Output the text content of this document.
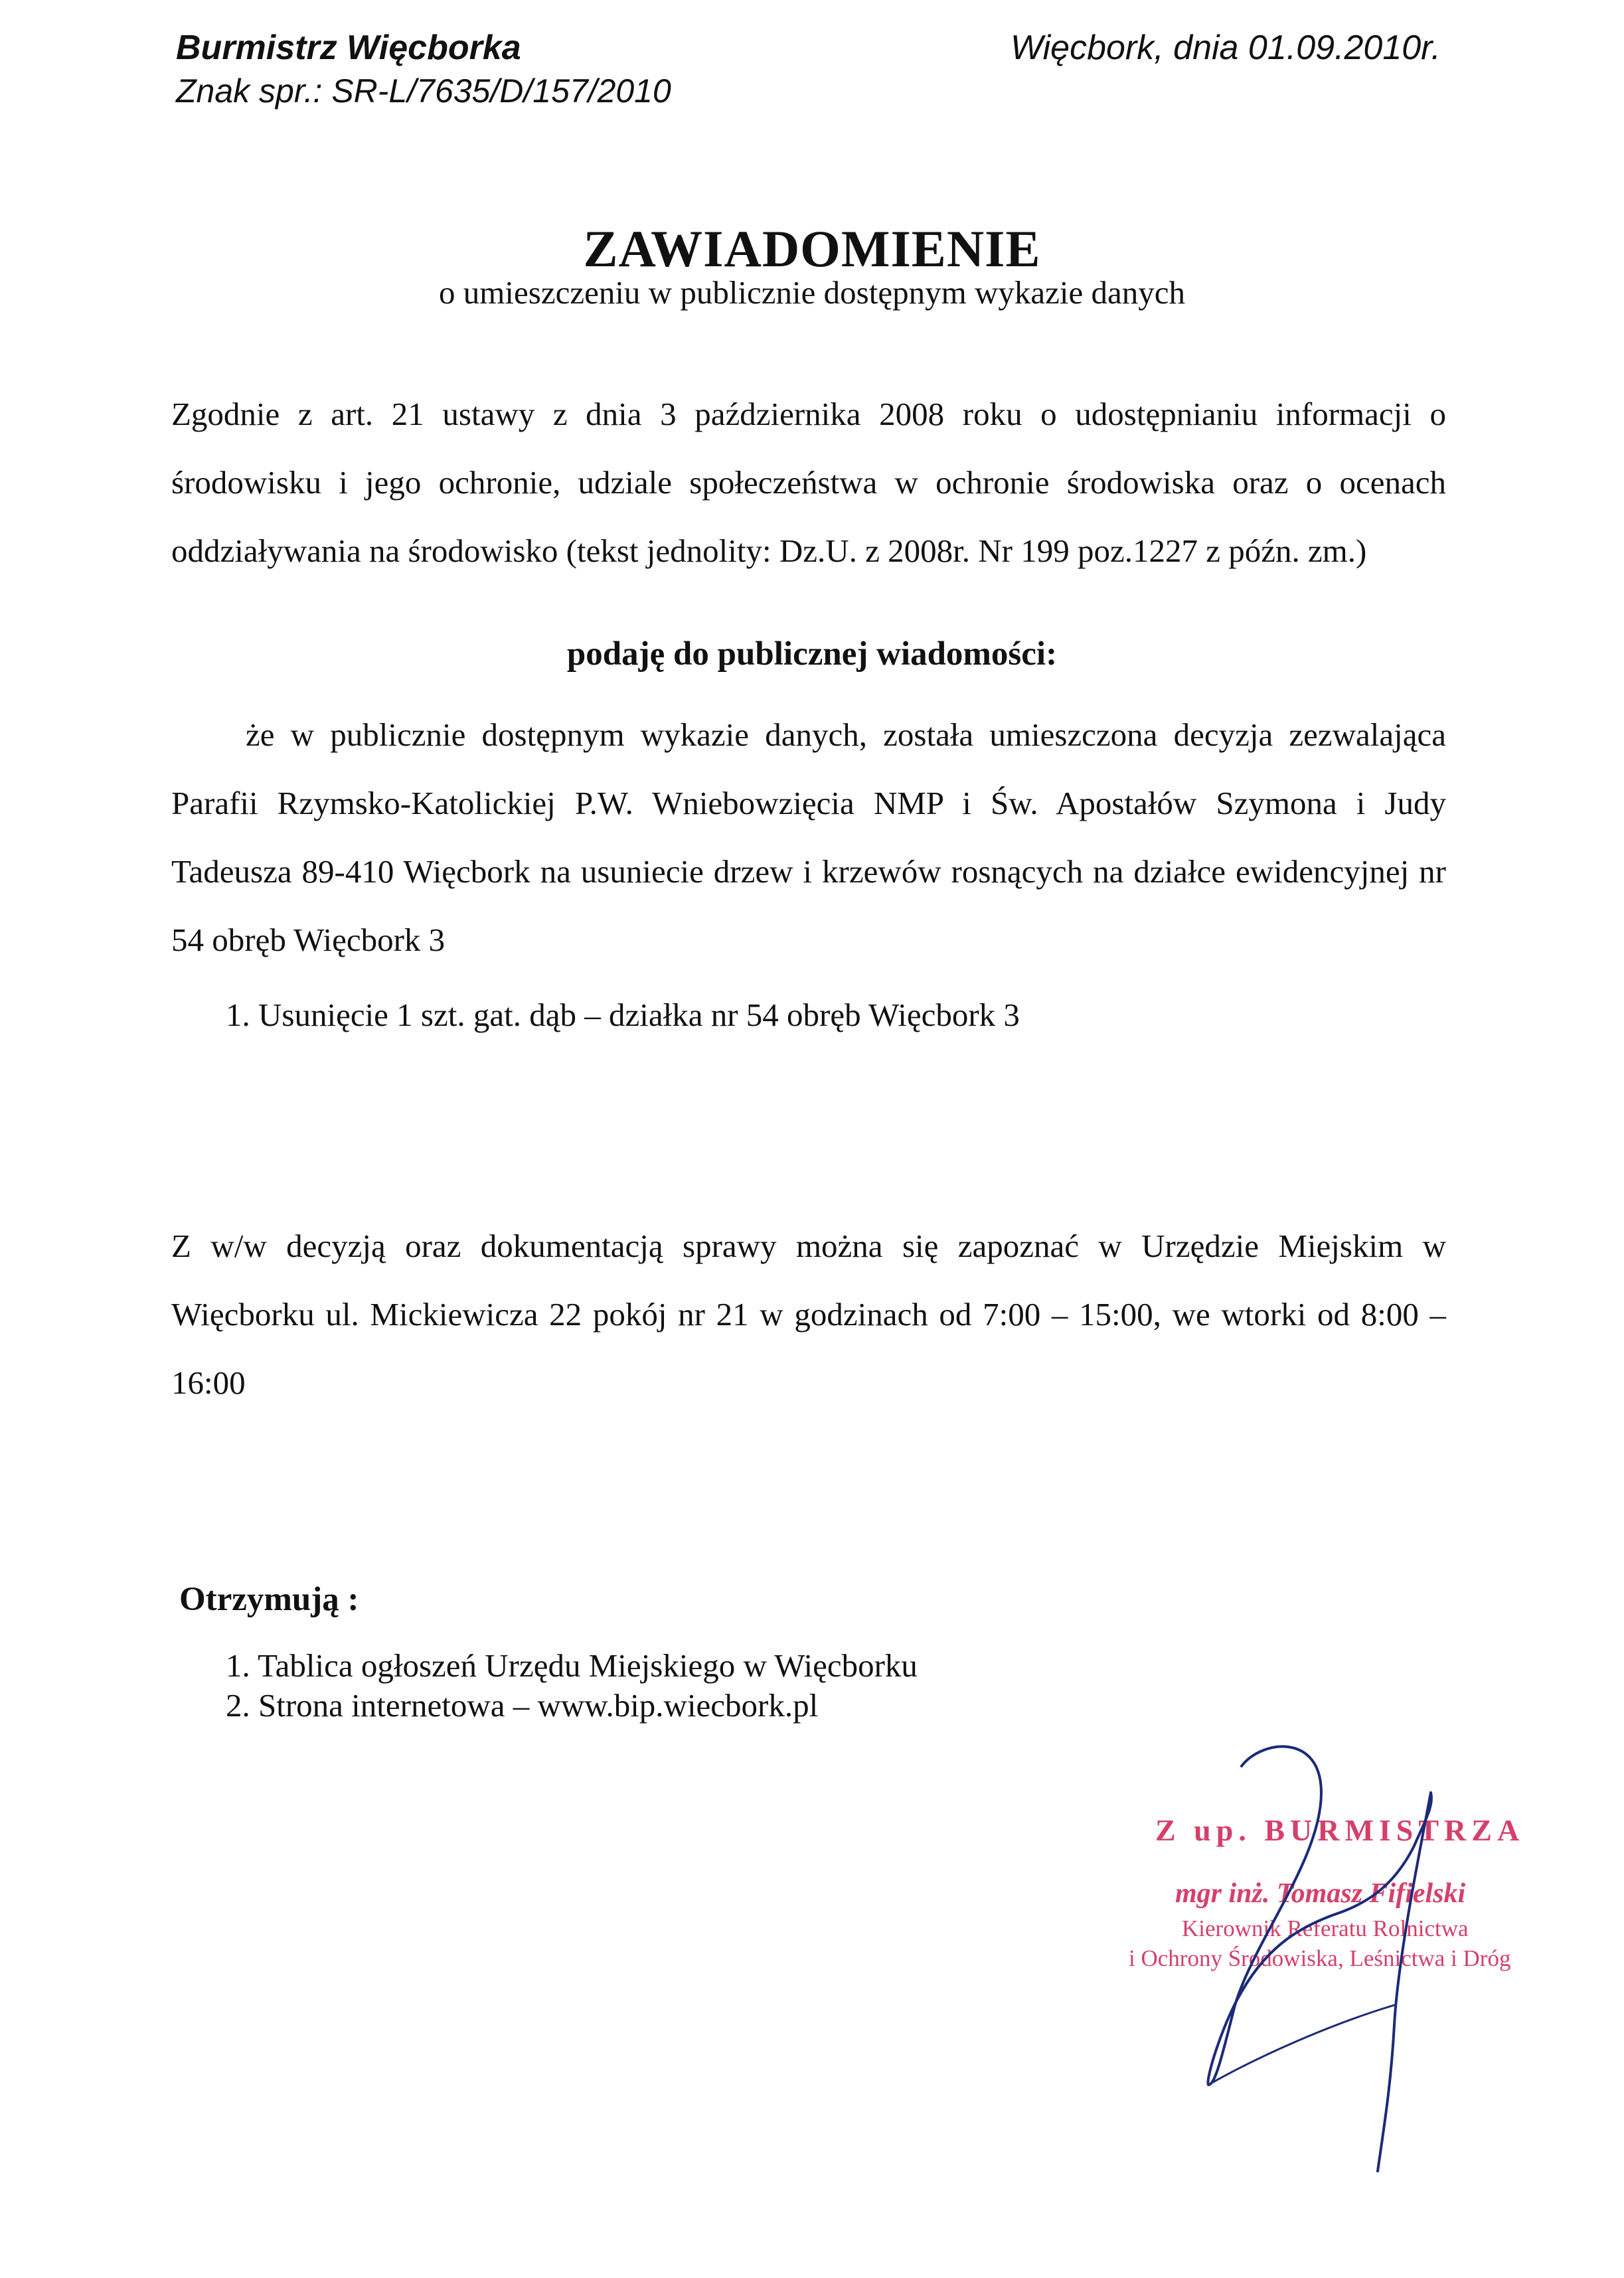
Burmistrz Więcborka
Znak spr.: SR-L/7635/D/157/2010
Więcbork, dnia 01.09.2010r.
ZAWIADOMIENIE
o umieszczeniu w publicznie dostępnym wykazie danych
Zgodnie z art. 21 ustawy z dnia 3 października 2008 roku o udostępnianiu informacji o środowisku i jego ochronie, udziale społeczeństwa w ochronie środowiska oraz o ocenach oddziaływania na środowisko (tekst jednolity: Dz.U. z 2008r. Nr 199 poz.1227 z późn. zm.)
podaję do publicznej wiadomości:
że w publicznie dostępnym wykazie danych, została umieszczona decyzja zezwalająca Parafii Rzymsko-Katolickiej P.W. Wniebowzięcia NMP i Św. Apostałów Szymona i Judy Tadeusza 89-410 Więcbork na usuniecie drzew i krzewów rosnących na działce ewidencyjnej nr 54 obręb Więcbork 3
1. Usunięcie 1 szt. gat. dąb – działka nr 54 obręb Więcbork 3
Z w/w decyzją oraz dokumentacją sprawy można się zapoznać w Urzędzie Miejskim w Więcborku ul. Mickiewicza 22 pokój nr 21 w godzinach od 7:00 – 15:00, we wtorki od 8:00 – 16:00
Otrzymują :
1. Tablica ogłoszeń Urzędu Miejskiego w Więcborku
2. Strona internetowa – www.bip.wiecbork.pl
Z up. BURMISTRZA
mgr inż. Tomasz Fifielski
Kierownik Referatu Rolnictwa
i Ochrony Środowiska, Leśnictwa i Dróg
